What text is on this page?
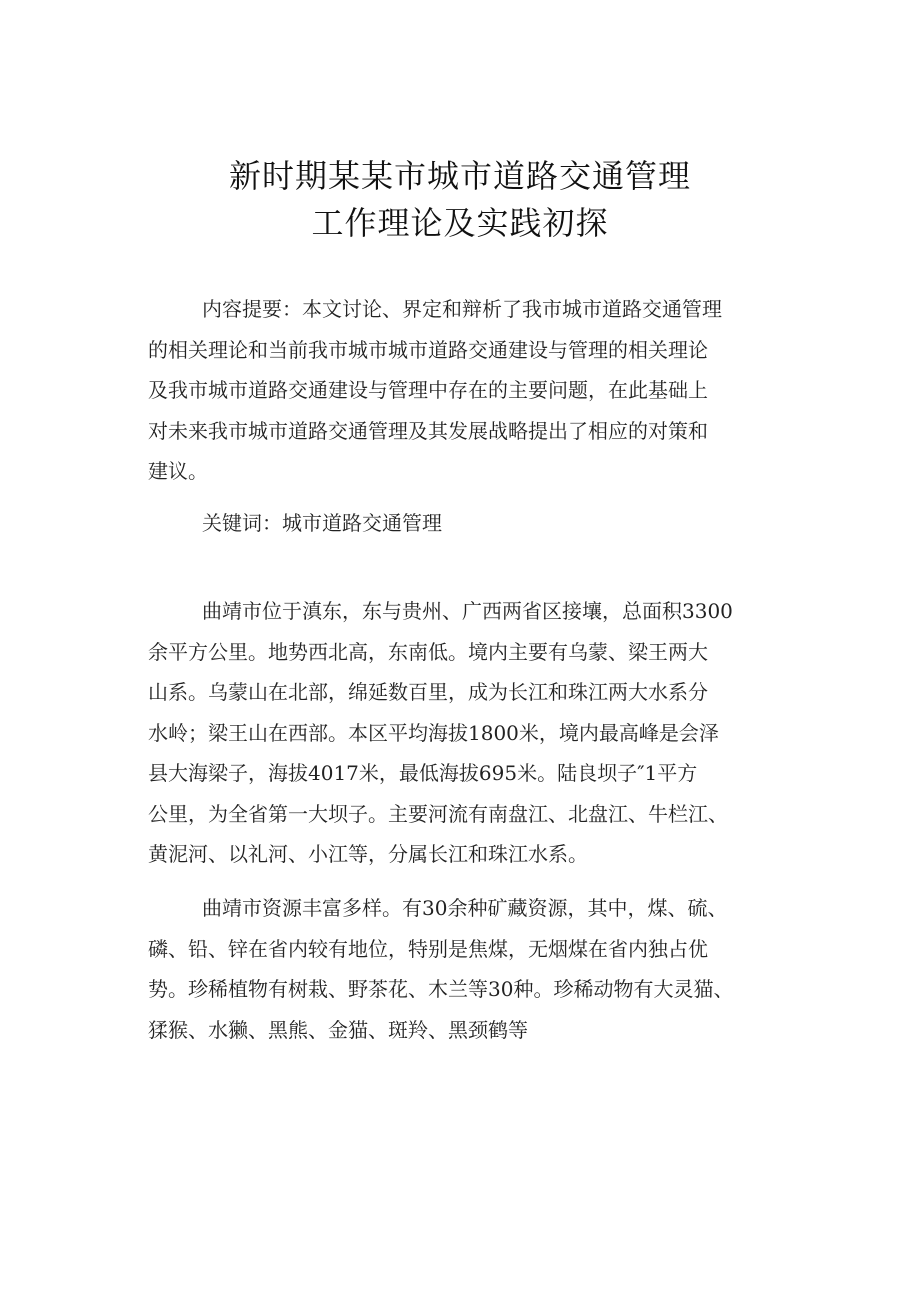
新时期某某市城市道路交通管理
工作理论及实践初探
内容提要：本文讨论、界定和辩析了我市城市道路交通管理
的相关理论和当前我市城市城市道路交通建设与管理的相关理论
及我市城市道路交通建设与管理中存在的主要问题，在此基础上
对未来我市城市道路交通管理及其发展战略提出了相应的对策和
建议。
关键词：城市道路交通管理
曲靖市位于滇东，东与贵州、广西两省区接壤，总面积3300
余平方公里。地势西北高，东南低。境内主要有乌蒙、梁王两大
山系。乌蒙山在北部，绵延数百里，成为长江和珠江两大水系分
水岭；梁王山在西部。本区平均海拔1800米，境内最高峰是会泽
县大海梁子，海拔4017米，最低海拔695米。陆良坝子″1平方
公里，为全省第一大坝子。主要河流有南盘江、北盘江、牛栏江、
黄泥河、以礼河、小江等，分属长江和珠江水系。
曲靖市资源丰富多样。有30余种矿藏资源，其中，煤、硫、
磷、铅、锌在省内较有地位，特别是焦煤，无烟煤在省内独占优
势。珍稀植物有树栽、野茶花、木兰等30种。珍稀动物有大灵猫、
猱猴、水獭、黑熊、金猫、斑羚、黑颈鹤等
